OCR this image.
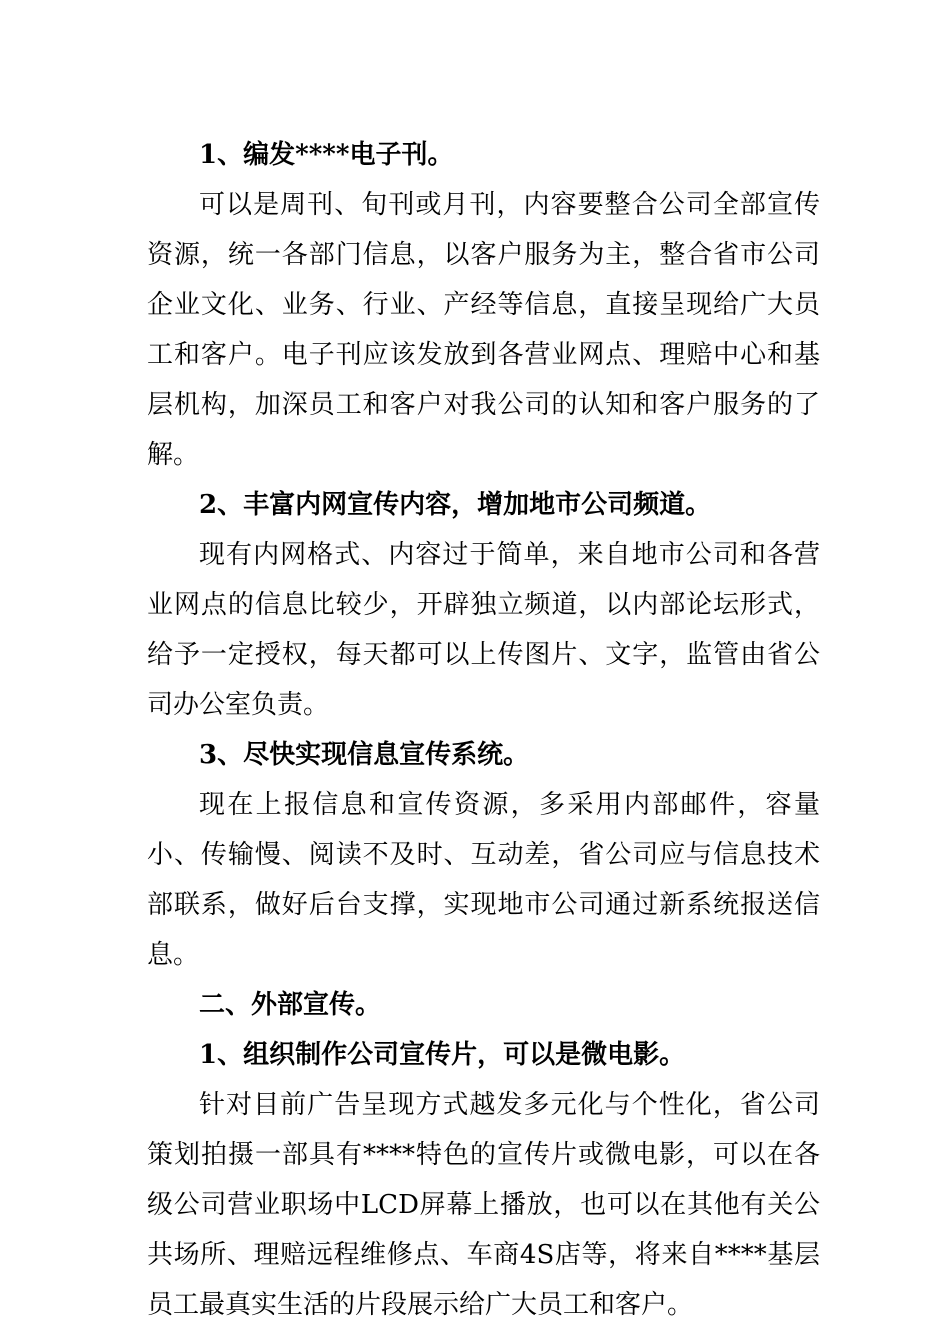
1、编发****电子刊。

可以是周刊、旬刊或月刊，内容要整合公司全部宣传资源，统一各部门信息，以客户服务为主，整合省市公司企业文化、业务、行业、产经等信息，直接呈现给广大员工和客户。电子刊应该发放到各营业网点、理赔中心和基层机构，加深员工和客户对我公司的认知和客户服务的了解。

2、丰富内网宣传内容，增加地市公司频道。

现有内网格式、内容过于简单，来自地市公司和各营业网点的信息比较少，开辟独立频道，以内部论坛形式，给予一定授权，每天都可以上传图片、文字，监管由省公司办公室负责。

3、尽快实现信息宣传系统。

现在上报信息和宣传资源，多采用内部邮件，容量小、传输慢、阅读不及时、互动差，省公司应与信息技术部联系，做好后台支撑，实现地市公司通过新系统报送信息。

二、外部宣传。

1、组织制作公司宣传片，可以是微电影。

针对目前广告呈现方式越发多元化与个性化，省公司策划拍摄一部具有****特色的宣传片或微电影，可以在各级公司营业职场中LCD屏幕上播放，也可以在其他有关公共场所、理赔远程维修点、车商4S店等，将来自****基层员工最真实生活的片段展示给广大员工和客户。
